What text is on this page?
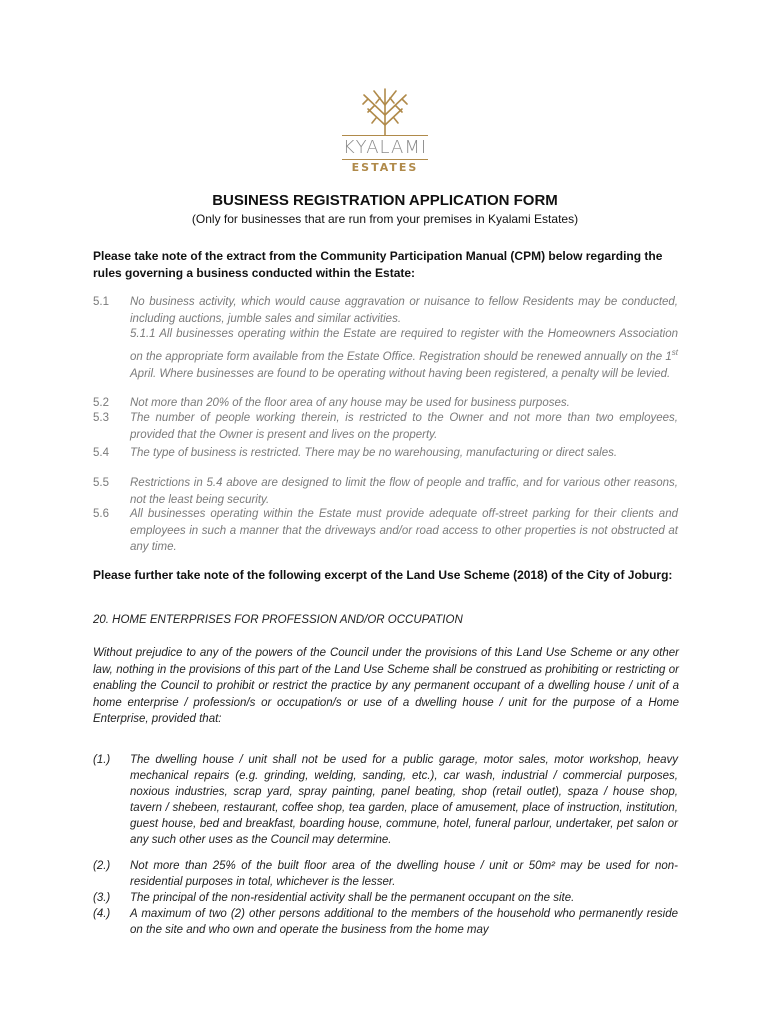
KYALAMI
ESTATES
BUSINESS REGISTRATION APPLICATION FORM
(Only for businesses that are run from your premises in Kyalami Estates)
Please take note of the extract from the Community Participation Manual (CPM) below regarding the rules governing a business conducted within the Estate:
5.1 No business activity, which would cause aggravation or nuisance to fellow Residents may be conducted, including auctions, jumble sales and similar activities.
5.1.1 All businesses operating within the Estate are required to register with the Homeowners Association on the appropriate form available from the Estate Office. Registration should be renewed annually on the 1st April. Where businesses are found to be operating without having been registered, a penalty will be levied.
5.2 Not more than 20% of the floor area of any house may be used for business purposes.
5.3 The number of people working therein, is restricted to the Owner and not more than two employees, provided that the Owner is present and lives on the property.
5.4 The type of business is restricted. There may be no warehousing, manufacturing or direct sales.
5.5 Restrictions in 5.4 above are designed to limit the flow of people and traffic, and for various other reasons, not the least being security.
5.6 All businesses operating within the Estate must provide adequate off-street parking for their clients and employees in such a manner that the driveways and/or road access to other properties is not obstructed at any time.
Please further take note of the following excerpt of the Land Use Scheme (2018) of the City of Joburg:
20. HOME ENTERPRISES FOR PROFESSION AND/OR OCCUPATION
Without prejudice to any of the powers of the Council under the provisions of this Land Use Scheme or any other law, nothing in the provisions of this part of the Land Use Scheme shall be construed as prohibiting or restricting or enabling the Council to prohibit or restrict the practice by any permanent occupant of a dwelling house / unit of a home enterprise / profession/s or occupation/s or use of a dwelling house / unit for the purpose of a Home Enterprise, provided that:
(1.) The dwelling house / unit shall not be used for a public garage, motor sales, motor workshop, heavy mechanical repairs (e.g. grinding, welding, sanding, etc.), car wash, industrial / commercial purposes, noxious industries, scrap yard, spray painting, panel beating, shop (retail outlet), spaza / house shop, tavern / shebeen, restaurant, coffee shop, tea garden, place of amusement, place of instruction, institution, guest house, bed and breakfast, boarding house, commune, hotel, funeral parlour, undertaker, pet salon or any such other uses as the Council may determine.
(2.) Not more than 25% of the built floor area of the dwelling house / unit or 50m² may be used for non-residential purposes in total, whichever is the lesser.
(3.) The principal of the non-residential activity shall be the permanent occupant on the site.
(4.) A maximum of two (2) other persons additional to the members of the household who permanently reside on the site and who own and operate the business from the home may
